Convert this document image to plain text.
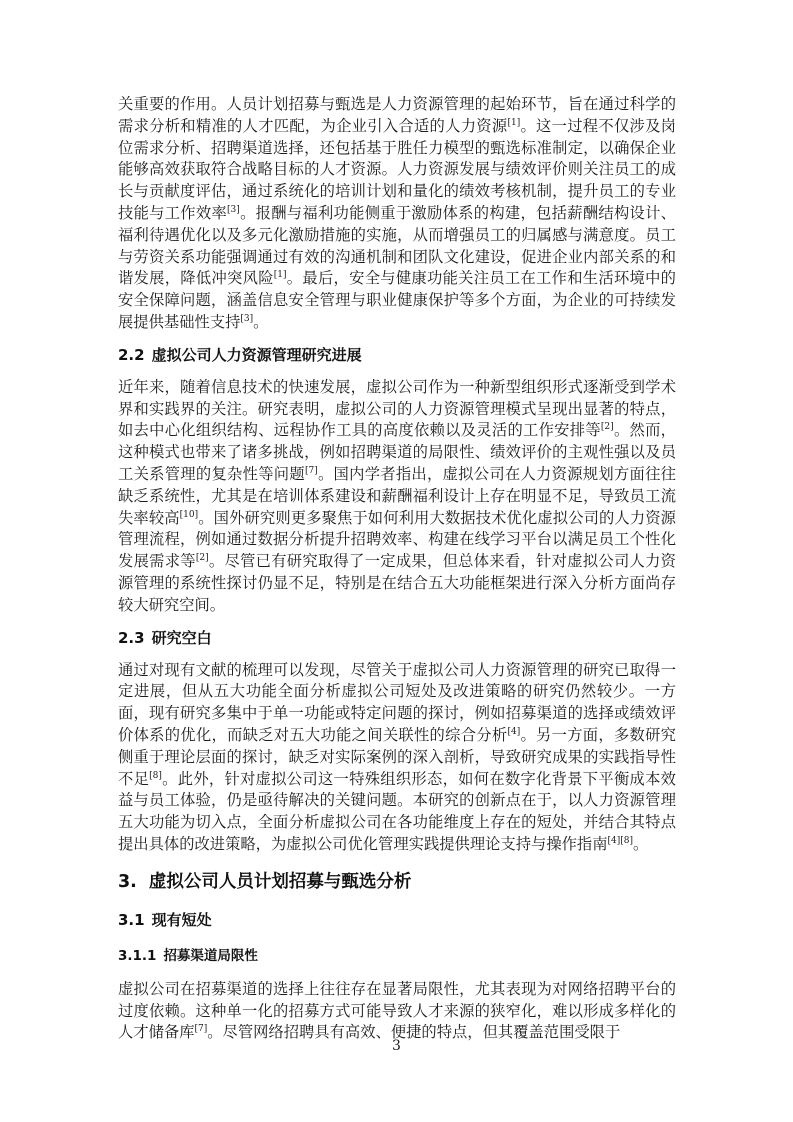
关重要的作用。人员计划招募与甄选是人力资源管理的起始环节，旨在通过科学的需求分析和精准的人才匹配，为企业引入合适的人力资源[1]。这一过程不仅涉及岗位需求分析、招聘渠道选择，还包括基于胜任力模型的甄选标准制定，以确保企业能够高效获取符合战略目标的人才资源。人力资源发展与绩效评价则关注员工的成长与贡献度评估，通过系统化的培训计划和量化的绩效考核机制，提升员工的专业技能与工作效率[3]。报酬与福利功能侧重于激励体系的构建，包括薪酬结构设计、福利待遇优化以及多元化激励措施的实施，从而增强员工的归属感与满意度。员工与劳资关系功能强调通过有效的沟通机制和团队文化建设，促进企业内部关系的和谐发展，降低冲突风险[1]。最后，安全与健康功能关注员工在工作和生活环境中的安全保障问题，涵盖信息安全管理与职业健康保护等多个方面，为企业的可持续发展提供基础性支持[3]。

2.2 虚拟公司人力资源管理研究进展

近年来，随着信息技术的快速发展，虚拟公司作为一种新型组织形式逐渐受到学术界和实践界的关注。研究表明，虚拟公司的人力资源管理模式呈现出显著的特点，如去中心化组织结构、远程协作工具的高度依赖以及灵活的工作安排等[2]。然而，这种模式也带来了诸多挑战，例如招聘渠道的局限性、绩效评价的主观性强以及员工关系管理的复杂性等问题[7]。国内学者指出，虚拟公司在人力资源规划方面往往缺乏系统性，尤其是在培训体系建设和薪酬福利设计上存在明显不足，导致员工流失率较高[10]。国外研究则更多聚焦于如何利用大数据技术优化虚拟公司的人力资源管理流程，例如通过数据分析提升招聘效率、构建在线学习平台以满足员工个性化发展需求等[2]。尽管已有研究取得了一定成果，但总体来看，针对虚拟公司人力资源管理的系统性探讨仍显不足，特别是在结合五大功能框架进行深入分析方面尚存较大研究空间。

2.3 研究空白

通过对现有文献的梳理可以发现，尽管关于虚拟公司人力资源管理的研究已取得一定进展，但从五大功能全面分析虚拟公司短处及改进策略的研究仍然较少。一方面，现有研究多集中于单一功能或特定问题的探讨，例如招募渠道的选择或绩效评价体系的优化，而缺乏对五大功能之间关联性的综合分析[4]。另一方面，多数研究侧重于理论层面的探讨，缺乏对实际案例的深入剖析，导致研究成果的实践指导性不足[8]。此外，针对虚拟公司这一特殊组织形态，如何在数字化背景下平衡成本效益与员工体验，仍是亟待解决的关键问题。本研究的创新点在于，以人力资源管理五大功能为切入点，全面分析虚拟公司在各功能维度上存在的短处，并结合其特点提出具体的改进策略，为虚拟公司优化管理实践提供理论支持与操作指南[4][8]。

3. 虚拟公司人员计划招募与甄选分析
3.1 现有短处
3.1.1 招募渠道局限性

虚拟公司在招募渠道的选择上往往存在显著局限性，尤其表现为对网络招聘平台的过度依赖。这种单一化的招募方式可能导致人才来源的狭窄化，难以形成多样化的人才储备库[7]。尽管网络招聘具有高效、便捷的特点，但其覆盖范围受限于

3
